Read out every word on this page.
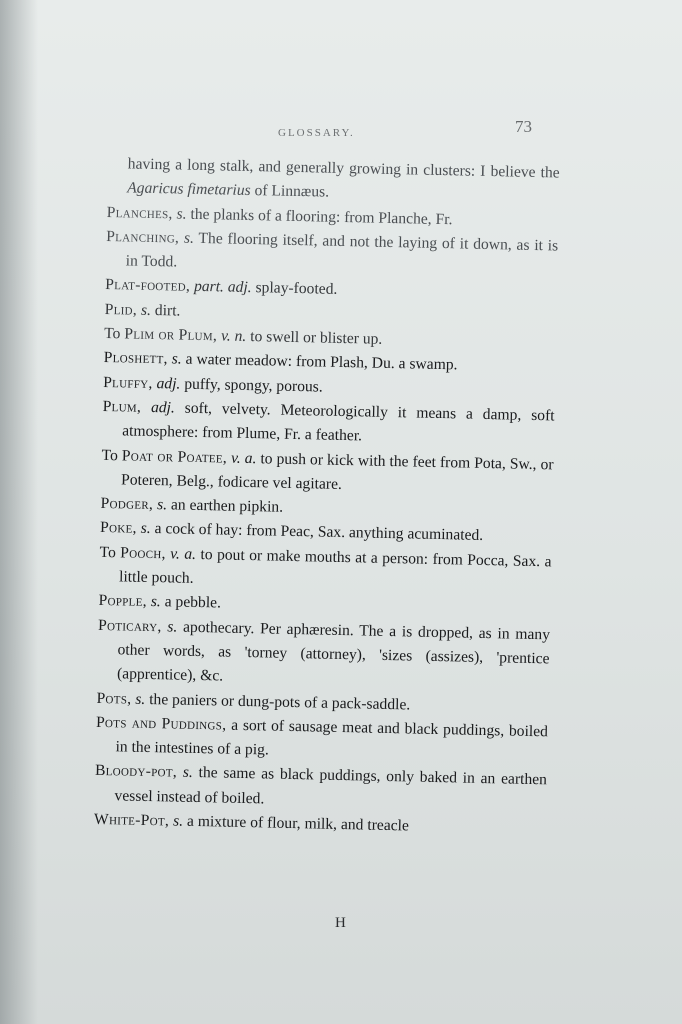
GLOSSARY.	73

having a long stalk, and generally growing in clusters: I believe the Agaricus fimetarius of Linnæus.

Planches, s. the planks of a flooring: from Planche, Fr.

Planching, s. The flooring itself, and not the laying of it down, as it is in Todd.

Plat-footed, part. adj. splay-footed.

Plid, s. dirt.

To Plim or Plum, v. n. to swell or blister up.

Ploshett, s. a water meadow: from Plash, Du. a swamp.

Pluffy, adj. puffy, spongy, porous.

Plum, adj. soft, velvety. Meteorologically it means a damp, soft atmosphere: from Plume, Fr. a feather.

To Poat or Poatee, v. a. to push or kick with the feet from Pota, Sw., or Poteren, Belg., fodicare vel agitare.

Podger, s. an earthen pipkin.

Poke, s. a cock of hay: from Peac, Sax. anything acuminated.

To Pooch, v. a. to pout or make mouths at a person: from Pocca, Sax. a little pouch.

Popple, s. a pebble.

Poticary, s. apothecary. Per aphæresin. The a is dropped, as in many other words, as 'torney (attorney), 'sizes (assizes), 'prentice (apprentice), &c.

Pots, s. the paniers or dung-pots of a pack-saddle.

Pots and Puddings, a sort of sausage meat and black puddings, boiled in the intestines of a pig.

Bloody-pot, s. the same as black puddings, only baked in an earthen vessel instead of boiled.

White-Pot, s. a mixture of flour, milk, and treacle

H
